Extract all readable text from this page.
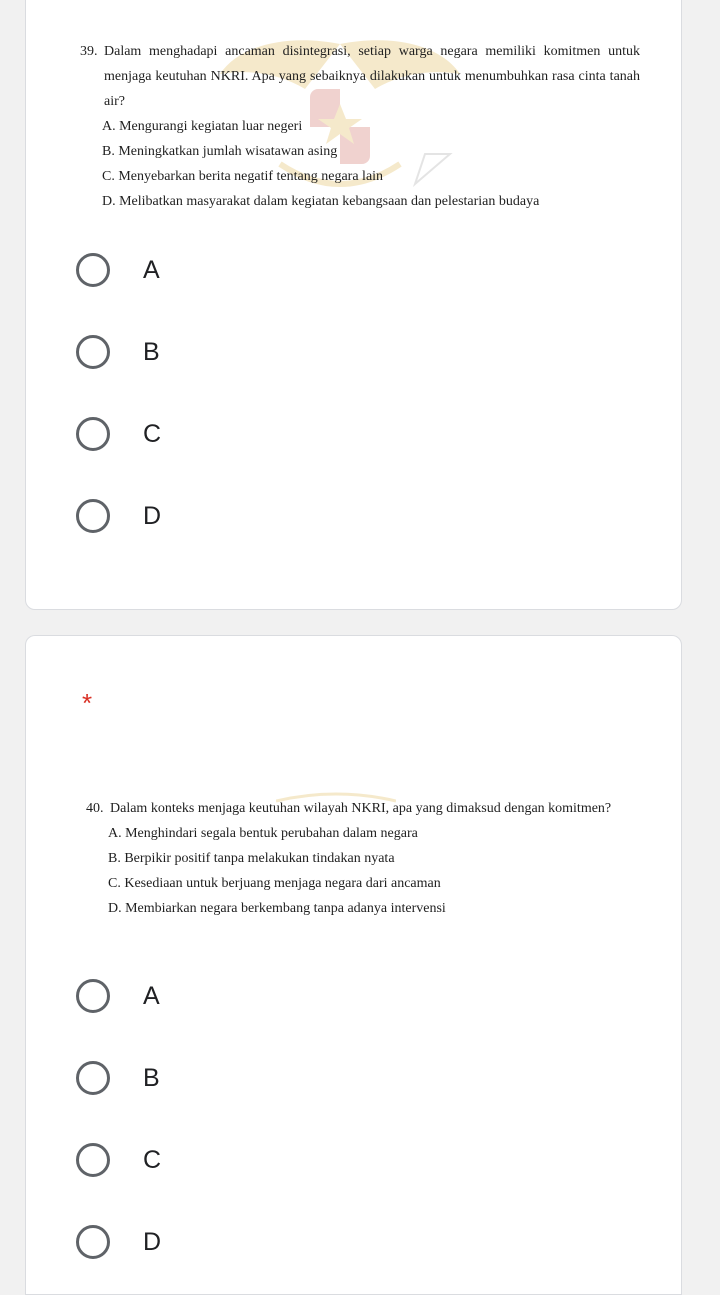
39. Dalam menghadapi ancaman disintegrasi, setiap warga negara memiliki komitmen untuk menjaga keutuhan NKRI. Apa yang sebaiknya dilakukan untuk menumbuhkan rasa cinta tanah air?
A. Mengurangi kegiatan luar negeri
B. Meningkatkan jumlah wisatawan asing
C. Menyebarkan berita negatif tentang negara lain
D. Melibatkan masyarakat dalam kegiatan kebangsaan dan pelestarian budaya
A
B
C
D
*
40. Dalam konteks menjaga keutuhan wilayah NKRI, apa yang dimaksud dengan komitmen?
A. Menghindari segala bentuk perubahan dalam negara
B. Berpikir positif tanpa melakukan tindakan nyata
C. Kesediaan untuk berjuang menjaga negara dari ancaman
D. Membiarkan negara berkembang tanpa adanya intervensi
A
B
C
D
